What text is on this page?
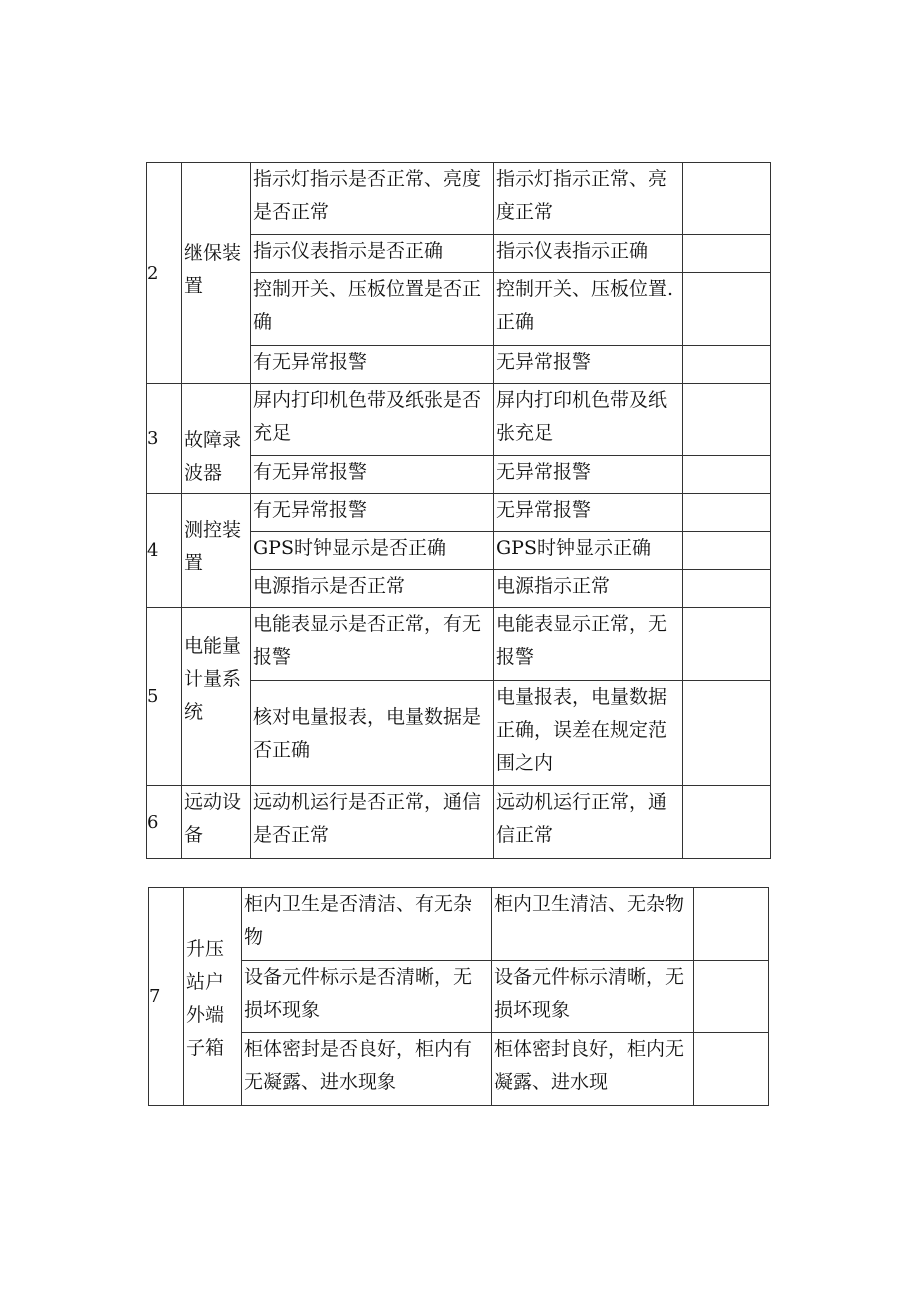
2	继保装置	指示灯指示是否正常、亮度是否正常	指示灯指示正常、亮度正常	
		指示仪表指示是否正确	指示仪表指示正确	
		控制开关、压板位置是否正确	控制开关、压板位置.正确	
		有无异常报警	无异常报警	
3	故障录波器	屏内打印机色带及纸张是否充足	屏内打印机色带及纸张充足	
		有无异常报警	无异常报警	
4	测控装置	有无异常报警	无异常报警	
		GPS时钟显示是否正确	GPS时钟显示正确	
		电源指示是否正常	电源指示正常	
5	电能量计量系统	电能表显示是否正常，有无报警	电能表显示正常，无报警	
		核对电量报表，电量数据是否正确	电量报表，电量数据正确，误差在规定范围之内	
6	远动设备	远动机运行是否正常，通信是否正常	远动机运行正常，通信正常	
7	升压站户外端子箱	柜内卫生是否清洁、有无杂物	柜内卫生清洁、无杂物	
		设备元件标示是否清晰，无损坏现象	设备元件标示清晰，无损坏现象	
		柜体密封是否良好，柜内有无凝露、进水现象	柜体密封良好，柜内无凝露、进水现	
